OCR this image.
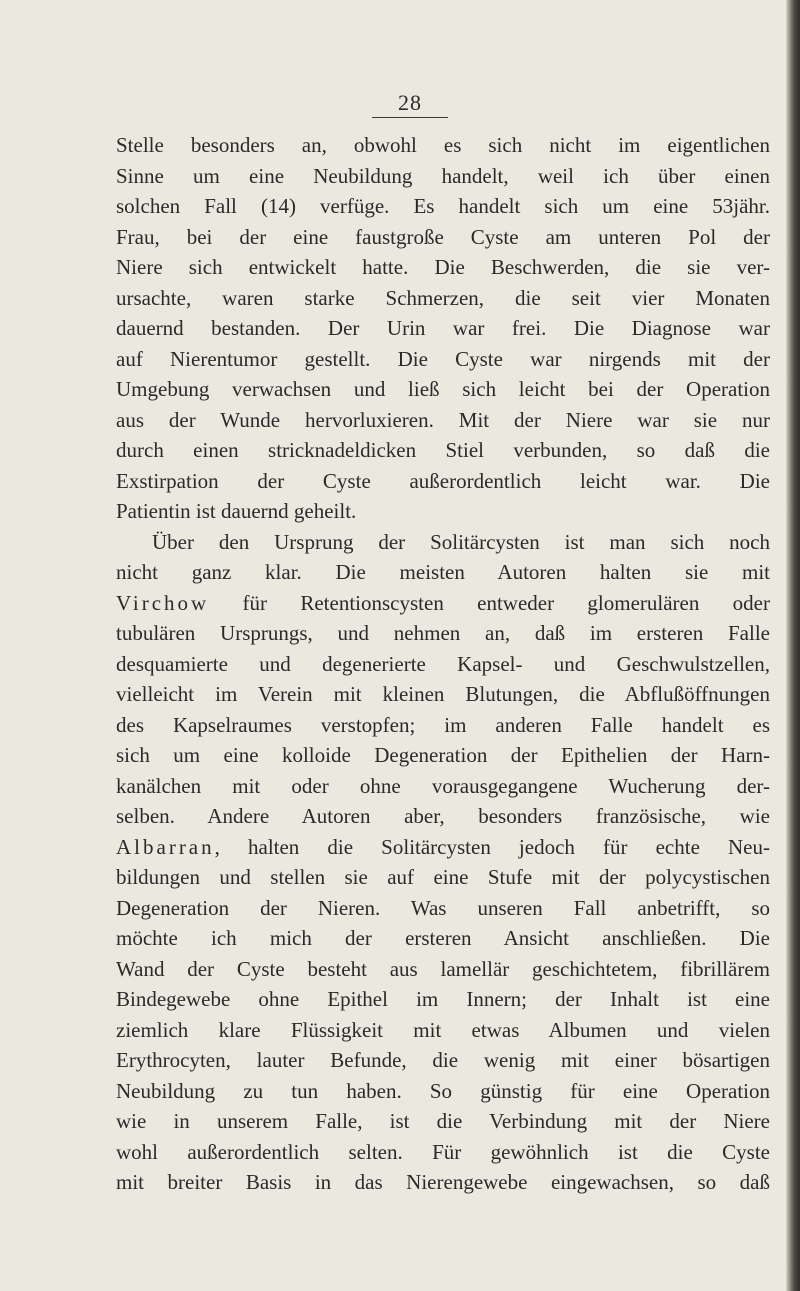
28
Stelle besonders an, obwohl es sich nicht im eigentlichen
Sinne um eine Neubildung handelt, weil ich über einen
solchen Fall (14) verfüge. Es handelt sich um eine 53jähr.
Frau, bei der eine faustgroße Cyste am unteren Pol der
Niere sich entwickelt hatte. Die Beschwerden, die sie ver-
ursachte, waren starke Schmerzen, die seit vier Monaten
dauernd bestanden. Der Urin war frei. Die Diagnose war
auf Nierentumor gestellt. Die Cyste war nirgends mit der
Umgebung verwachsen und ließ sich leicht bei der Operation
aus der Wunde hervorluxieren. Mit der Niere war sie nur
durch einen stricknadeldicken Stiel verbunden, so daß die
Exstirpation der Cyste außerordentlich leicht war. Die
Patientin ist dauernd geheilt.
Über den Ursprung der Solitärcysten ist man sich noch
nicht ganz klar. Die meisten Autoren halten sie mit
Virchow für Retentionscysten entweder glomerulären oder
tubulären Ursprungs, und nehmen an, daß im ersteren Falle
desquamierte und degenerierte Kapsel- und Geschwulstzellen,
vielleicht im Verein mit kleinen Blutungen, die Abflußöffnungen
des Kapselraumes verstopfen; im anderen Falle handelt es
sich um eine kolloide Degeneration der Epithelien der Harn-
kanälchen mit oder ohne vorausgegangene Wucherung der-
selben. Andere Autoren aber, besonders französische, wie
Albarran, halten die Solitärcysten jedoch für echte Neu-
bildungen und stellen sie auf eine Stufe mit der polycystischen
Degeneration der Nieren. Was unseren Fall anbetrifft, so
möchte ich mich der ersteren Ansicht anschließen. Die
Wand der Cyste besteht aus lamellär geschichtetem, fibrillärem
Bindegewebe ohne Epithel im Innern; der Inhalt ist eine
ziemlich klare Flüssigkeit mit etwas Albumen und vielen
Erythrocyten, lauter Befunde, die wenig mit einer bösartigen
Neubildung zu tun haben. So günstig für eine Operation
wie in unserem Falle, ist die Verbindung mit der Niere
wohl außerordentlich selten. Für gewöhnlich ist die Cyste
mit breiter Basis in das Nierengewebe eingewachsen, so daß
